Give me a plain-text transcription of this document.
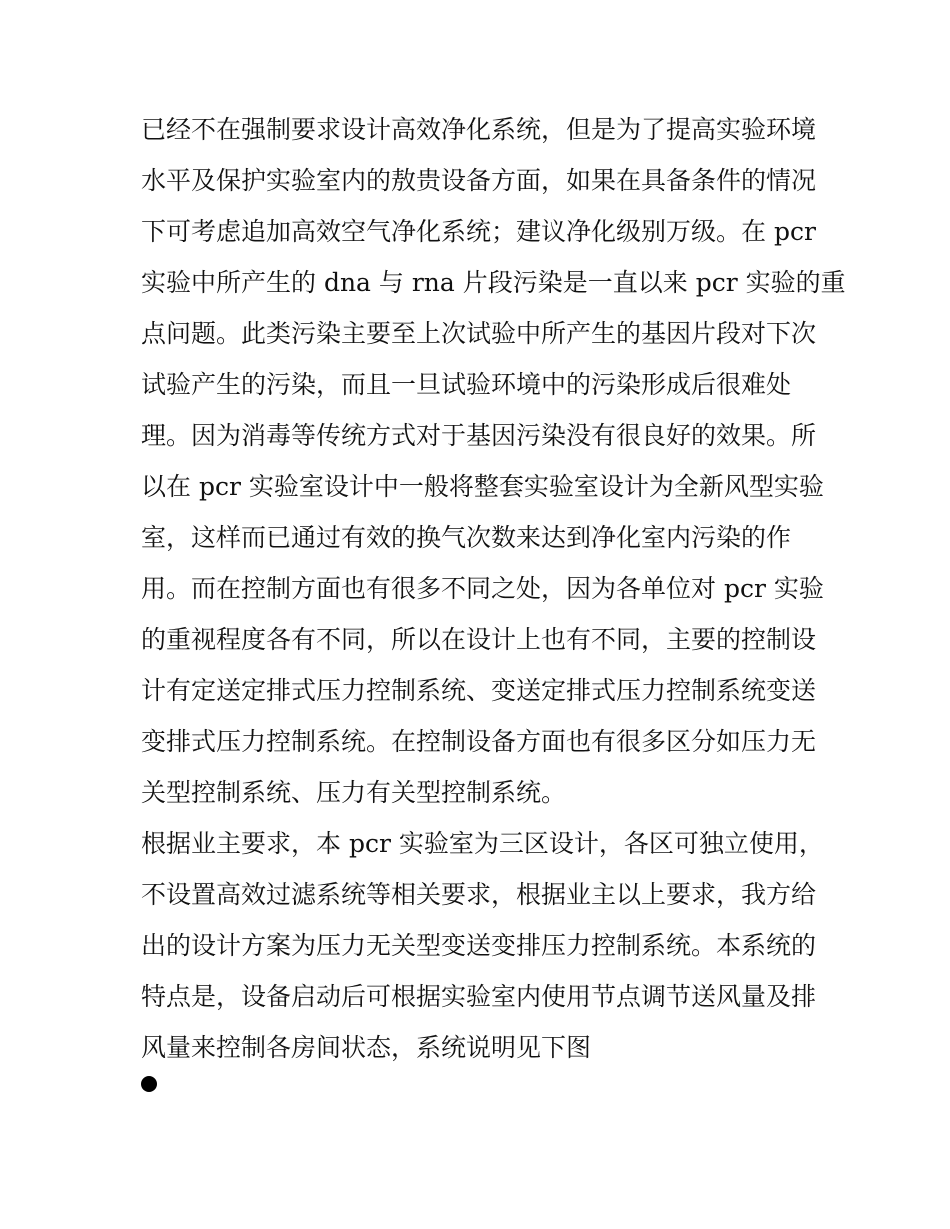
已经不在强制要求设计高效净化系统，但是为了提高实验环境
水平及保护实验室内的敖贵设备方面，如果在具备条件的情况
下可考虑追加高效空气净化系统；建议净化级别万级。在 pcr
实验中所产生的 dna 与 rna 片段污染是一直以来 pcr 实验的重
点问题。此类污染主要至上次试验中所产生的基因片段对下次
试验产生的污染，而且一旦试验环境中的污染形成后很难处
理。因为消毒等传统方式对于基因污染没有很良好的效果。所
以在 pcr 实验室设计中一般将整套实验室设计为全新风型实验
室，这样而已通过有效的换气次数来达到净化室内污染的作
用。而在控制方面也有很多不同之处，因为各单位对 pcr 实验
的重视程度各有不同，所以在设计上也有不同，主要的控制设
计有定送定排式压力控制系统、变送定排式压力控制系统变送
变排式压力控制系统。在控制设备方面也有很多区分如压力无
关型控制系统、压力有关型控制系统。
根据业主要求，本 pcr 实验室为三区设计，各区可独立使用，
不设置高效过滤系统等相关要求，根据业主以上要求，我方给
出的设计方案为压力无关型变送变排压力控制系统。本系统的
特点是，设备启动后可根据实验室内使用节点调节送风量及排
风量来控制各房间状态，系统说明见下图
